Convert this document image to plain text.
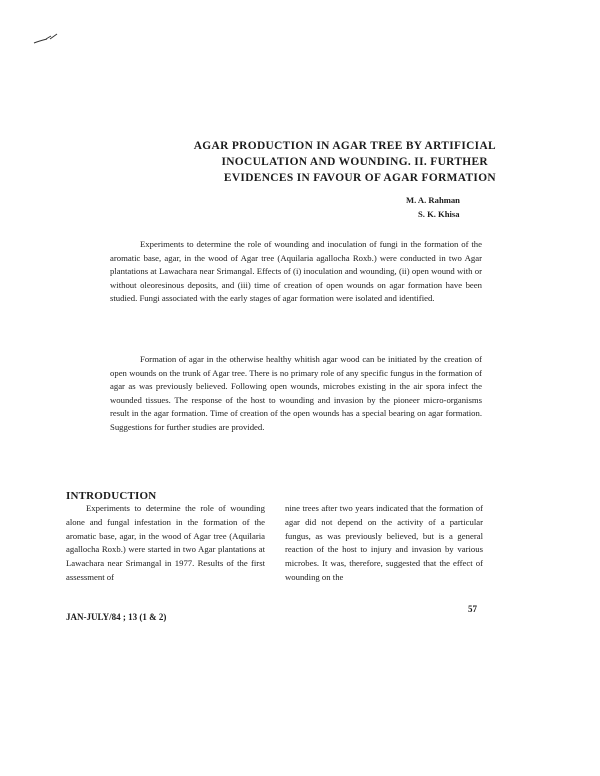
AGAR PRODUCTION IN AGAR TREE BY ARTIFICIAL
INOCULATION AND WOUNDING. II. FURTHER
EVIDENCES IN FAVOUR OF AGAR FORMATION
M. A. Rahman
S. K. Khisa

Experiments to determine the role of wounding and inoculation of fungi in the formation of the aromatic base, agar, in the wood of Agar tree (Aquilaria agallocha Roxb.) were conducted in two Agar plantations at Lawachara near Srimangal. Effects of (i) inoculation and wounding, (ii) open wound with or without oleoresinous deposits, and (iii) time of creation of open wounds on agar formation have been studied. Fungi associated with the early stages of agar formation were isolated and identified.

Formation of agar in the otherwise healthy whitish agar wood can be initiated by the creation of open wounds on the trunk of Agar tree. There is no primary role of any specific fungus in the formation of agar as was previously believed. Following open wounds, microbes existing in the air spora infect the wounded tissues. The response of the host to wounding and invasion by the pioneer micro-organisms result in the agar formation. Time of creation of the open wounds has a special bearing on agar formation. Suggestions for further studies are provided.

INTRODUCTION

Experiments to determine the role of wounding alone and fungal infestation in the formation of the aromatic base, agar, in the wood of Agar tree (Aquilaria agallocha Roxb.) were started in two Agar plantations at Lawachara near Srimangal in 1977. Results of the first assessment of

nine trees after two years indicated that the formation of agar did not depend on the activity of a particular fungus, as was previously believed, but is a general reaction of the host to injury and invasion by various microbes. It was, therefore, suggested that the effect of wounding on the

JAN-JULY/84 ; 13 (1 & 2)
57
